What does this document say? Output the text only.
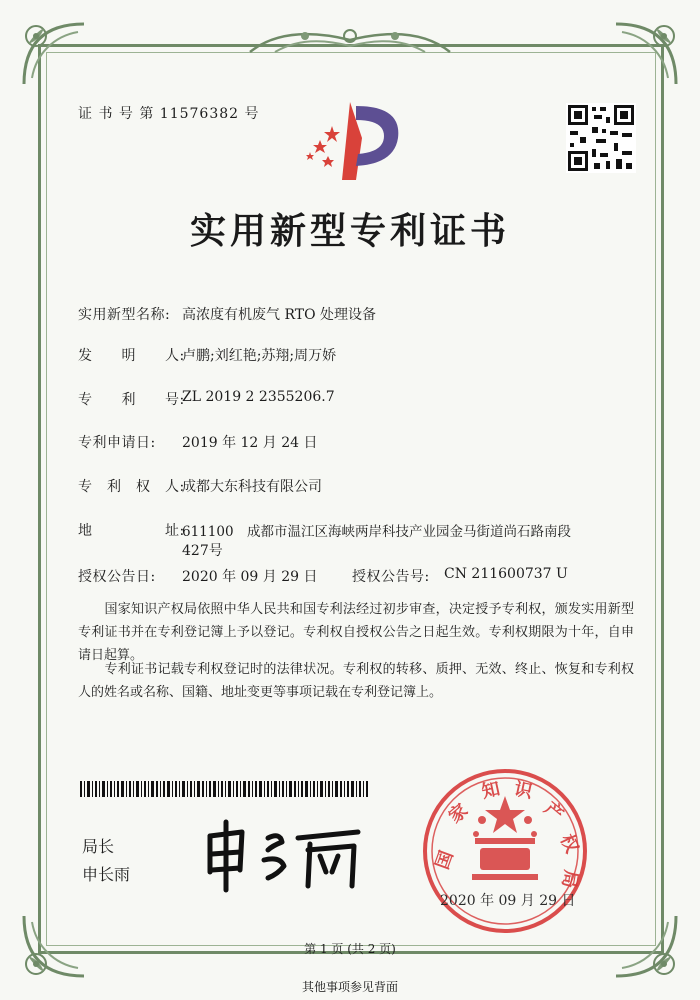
证 书 号 第 11576382 号
实用新型专利证书
实用新型名称: 高浓度有机废气 RTO 处理设备
发　　明　　人:
卢鹏;刘红艳;苏翔;周万娇
专　　利　　号:
ZL 2019 2 2355206.7
专利申请日: 2019 年 12 月 24 日
专　利　权　人:
成都大东科技有限公司
地　　　　　址:
611100　成都市温江区海峡两岸科技产业园金马街道尚石路南段
427号
授权公告日: 2020 年 09 月 29 日 授权公告号: CN 211600737 U
　　国家知识产权局依照中华人民共和国专利法经过初步审查，决定授予专利权，颁发实用新型专利证书并在专利登记簿上予以登记。专利权自授权公告之日起生效。专利权期限为十年，自申请日起算。
　　专利证书记载专利权登记时的法律状况。专利权的转移、质押、无效、终止、恢复和专利权人的姓名或名称、国籍、地址变更等事项记载在专利登记簿上。
局长
申长雨
国
家
知 识
产
权
局
2020 年 09 月 29 日
第 1 页 (共 2 页)
其他事项参见背面
